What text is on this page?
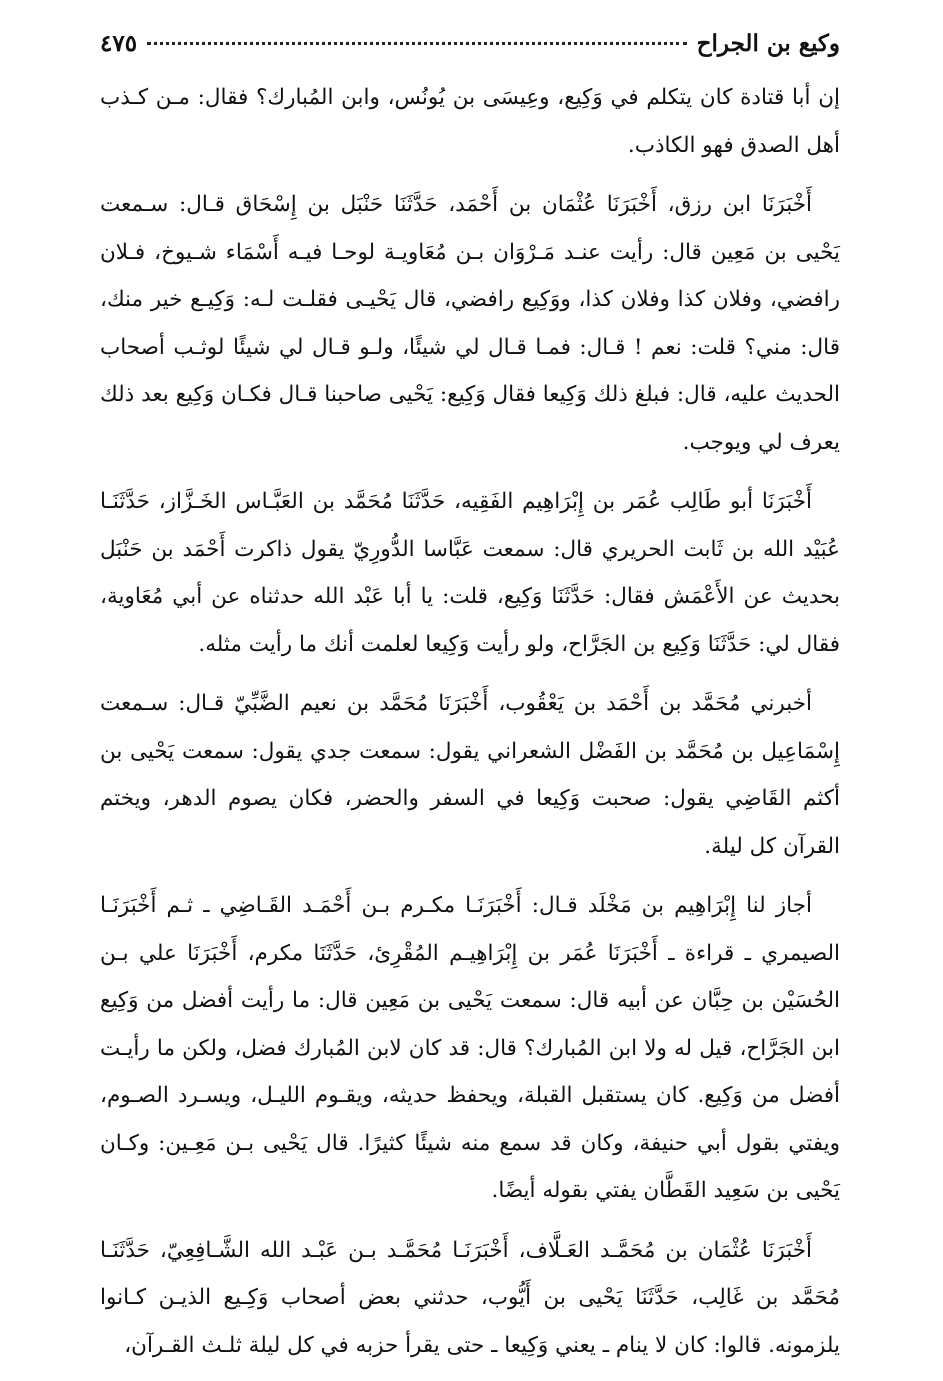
وكيع بن الجراح
٤٧٥

إن أبا قتادة كان يتكلم في وَكِيع، وعِيسَى بن يُونُس، وابن المُبارك؟ فقال: مـن كـذب أهل الصدق فهو الكاذب.

أَخْبَرَنَا ابن رزق، أَخْبَرَنَا عُثْمَان بن أَحْمَد، حَدَّثَنَا حَنْبَل بن إِسْحَاق قـال: سـمعت يَحْيى بن مَعِين قال: رأيت عنـد مَـرْوَان بـن مُعَاويـة لوحـا فيـه أَسْمَاء شـيوخ، فـلان رافضي، وفلان كذا وفلان كذا، ووَكِيع رافضي، قال يَحْيـى فقلـت لـه: وَكِيـع خير منك، قال: مني؟ قلت: نعم ! قـال: فمـا قـال لي شيئًا، ولـو قـال لي شيئًا لوثـب أصحاب الحديث عليه، قال: فبلغ ذلك وَكِيعا فقال وَكِيع: يَحْيى صاحبنا قـال فكـان وَكِيع بعد ذلك يعرف لي ويوجب.

أَخْبَرَنَا أبو طَالِب عُمَر بن إِبْرَاهِيم الفَقِيه، حَدَّثَنَا مُحَمَّد بن العَبَّـاس الخَـزَّاز، حَدَّثَنَـا عُبَيْد الله بن ثَابت الحريري قال: سمعت عَبَّاسا الدُّورِيّ يقول ذاكرت أَحْمَد بن حَنْبَل بحديث عن الأَعْمَش فقال: حَدَّثَنَا وَكِيع، قلت: يا أبا عَبْد الله حدثناه عن أبي مُعَاوية، فقال لي: حَدَّثَنَا وَكِيع بن الجَرَّاح، ولو رأيت وَكِيعا لعلمت أنك ما رأيت مثله.

أخبرني مُحَمَّد بن أَحْمَد بن يَعْقُوب، أَخْبَرَنَا مُحَمَّد بن نعيم الضَّبِّيّ قـال: سـمعت إِسْمَاعِيل بن مُحَمَّد بن الفَضْل الشعراني يقول: سمعت جدي يقول: سمعت يَحْيى بن أكثم القَاضِي يقول: صحبت وَكِيعا في السفر والحضر، فكان يصوم الدهر، ويختم القرآن كل ليلة.

أجاز لنا إِبْرَاهِيم بن مَخْلَد قـال: أَخْبَرَنَـا مكـرم بـن أَحْمَـد القَـاضِي ـ ثـم أَخْبَرَنَـا الصيمري ـ قراءة ـ أَخْبَرَنَا عُمَر بن إِبْرَاهِيـم المُقْرِئ، حَدَّثَنَا مكرم، أَخْبَرَنَا علي بـن الحُسَيْن بن حِبَّان عن أبيه قال: سمعت يَحْيى بن مَعِين قال: ما رأيت أفضل من وَكِيع ابن الجَرَّاح، قيل له ولا ابن المُبارك؟ قال: قد كان لابن المُبارك فضل، ولكن ما رأيـت أفضل من وَكِيع. كان يستقبل القبلة، ويحفظ حديثه، ويقـوم الليـل، ويسـرد الصـوم، ويفتي بقول أبي حنيفة، وكان قد سمع منه شيئًا كثيرًا. قال يَحْيى بـن مَعِـين: وكـان يَحْيى بن سَعِيد القَطَّان يفتي بقوله أيضًا.

أَخْبَرَنَا عُثْمَان بن مُحَمَّـد العَـلَّاف، أَخْبَرَنَـا مُحَمَّـد بـن عَبْـد الله الشَّـافِعِيّ، حَدَّثَنَـا مُحَمَّد بن غَالِب، حَدَّثَنَا يَحْيى بن أَيُّوب، حدثني بعض أصحاب وَكِـيع الذيـن كـانوا يلزمونه. قالوا: كان لا ينام ـ يعني وَكِيعا ـ حتى يقرأ حزبه في كل ليلة ثلـث القـرآن،
